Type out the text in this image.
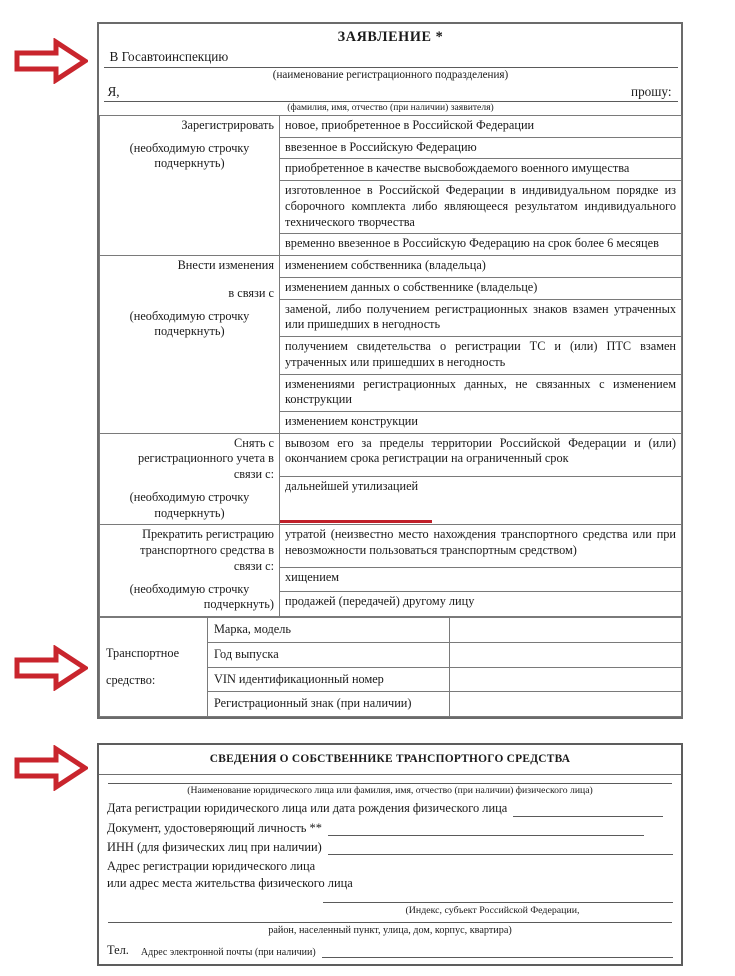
ЗАЯВЛЕНИЕ *
В Госавтоинспекцию
(наименование регистрационного подразделения)
Я,	прошу:
(фамилия, имя, отчество (при наличии) заявителя)

Зарегистрировать
(необходимую строчку
подчеркнуть)	новое, приобретенное в Российской Федерации
	ввезенное в Российскую Федерацию
	приобретенное в качестве высвобождаемого военного имущества
	изготовленное в Российской Федерации в индивидуальном порядке из сборочного комплекта либо являющееся результатом индивидуального технического творчества
	временно ввезенное в Российскую Федерацию на срок более 6 месяцев
Внести изменения
в связи с
(необходимую строчку
подчеркнуть)	изменением собственника (владельца)
	изменением данных о собственнике (владельце)
	заменой, либо получением регистрационных знаков взамен утраченных или пришедших в негодность
	получением свидетельства о регистрации ТС и (или) ПТС взамен утраченных или пришедших в негодность
	изменениями регистрационных данных, не связанных с изменением конструкции
	изменением конструкции
Снять с
регистрационного учета в
связи с:
(необходимую строчку
подчеркнуть)	вывозом его за пределы территории Российской Федерации и (или) окончанием срока регистрации на ограниченный срок
	дальнейшей утилизацией

Прекратить регистрацию
транспортного средства в
связи с:
(необходимую строчку
подчеркнуть)	утратой (неизвестно место нахождения транспортного средства или при невозможности пользоваться транспортным средством)
	хищением
	продажей (передачей) другому лицу
Транспортное
средство:	Марка, модель	
	Год выпуска	
	VIN идентификационный номер	
	Регистрационный знак (при наличии)	
СВЕДЕНИЯ О СОБСТВЕННИКЕ ТРАНСПОРТНОГО СРЕДСТВА
(Наименование юридического лица или фамилия, имя, отчество (при наличии) физического лица)
Дата регистрации юридического лица или дата рождения физического лица
Документ, удостоверяющий личность **
ИНН (для физических лиц при наличии)
Адрес регистрации юридического лица
или адрес места жительства физического лица
(Индекс, субъект Российской Федерации,
район, населенный пункт, улица, дом, корпус, квартира)
Тел.	Адрес электронной почты (при наличии)
